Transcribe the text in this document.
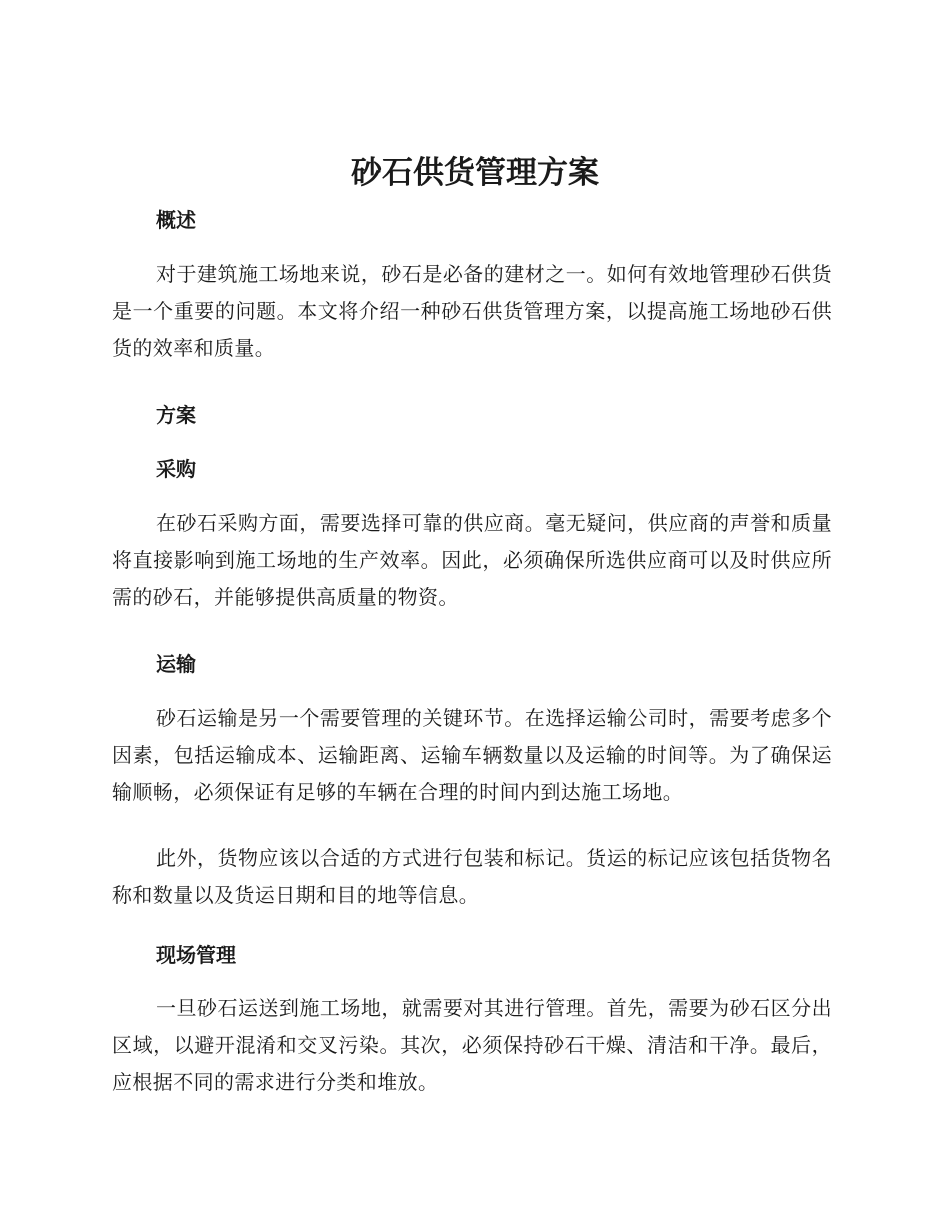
砂石供货管理方案
概述

对于建筑施工场地来说，砂石是必备的建材之一。如何有效地管理砂石供货是一个重要的问题。本文将介绍一种砂石供货管理方案，以提高施工场地砂石供货的效率和质量。

方案
采购

在砂石采购方面，需要选择可靠的供应商。毫无疑问，供应商的声誉和质量将直接影响到施工场地的生产效率。因此，必须确保所选供应商可以及时供应所需的砂石，并能够提供高质量的物资。

运输

砂石运输是另一个需要管理的关键环节。在选择运输公司时，需要考虑多个因素，包括运输成本、运输距离、运输车辆数量以及运输的时间等。为了确保运输顺畅，必须保证有足够的车辆在合理的时间内到达施工场地。

此外，货物应该以合适的方式进行包装和标记。货运的标记应该包括货物名称和数量以及货运日期和目的地等信息。

现场管理

一旦砂石运送到施工场地，就需要对其进行管理。首先，需要为砂石区分出区域，以避开混淆和交叉污染。其次，必须保持砂石干燥、清洁和干净。最后，应根据不同的需求进行分类和堆放。
